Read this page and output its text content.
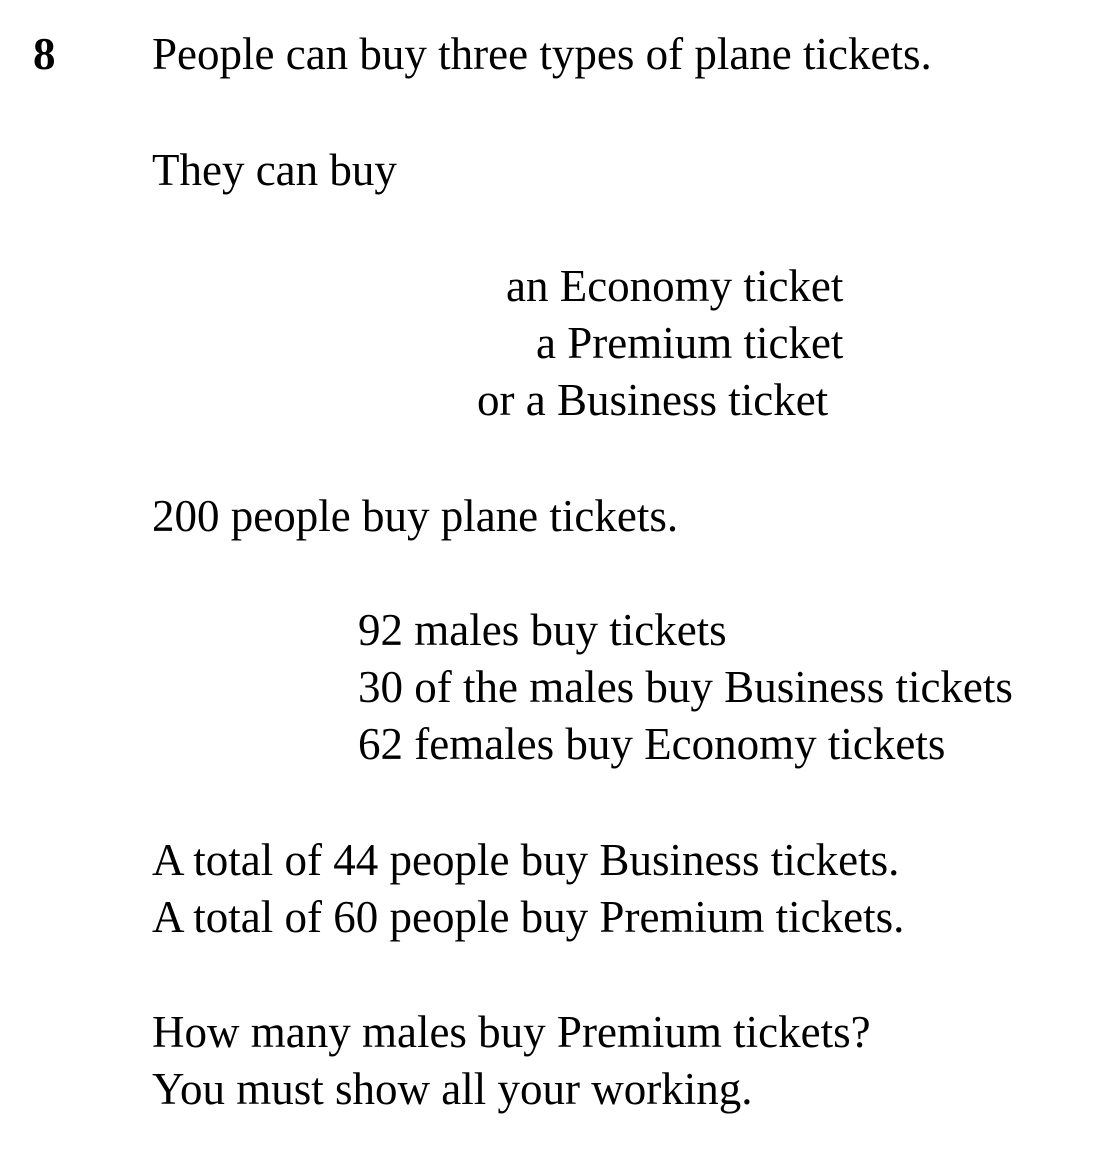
8 People can buy three types of plane tickets.
They can buy
an Economy ticket
a Premium ticket
or a Business ticket
200 people buy plane tickets.
92 males buy tickets
30 of the males buy Business tickets
62 females buy Economy tickets
A total of 44 people buy Business tickets.
A total of 60 people buy Premium tickets.
How many males buy Premium tickets?
You must show all your working.
